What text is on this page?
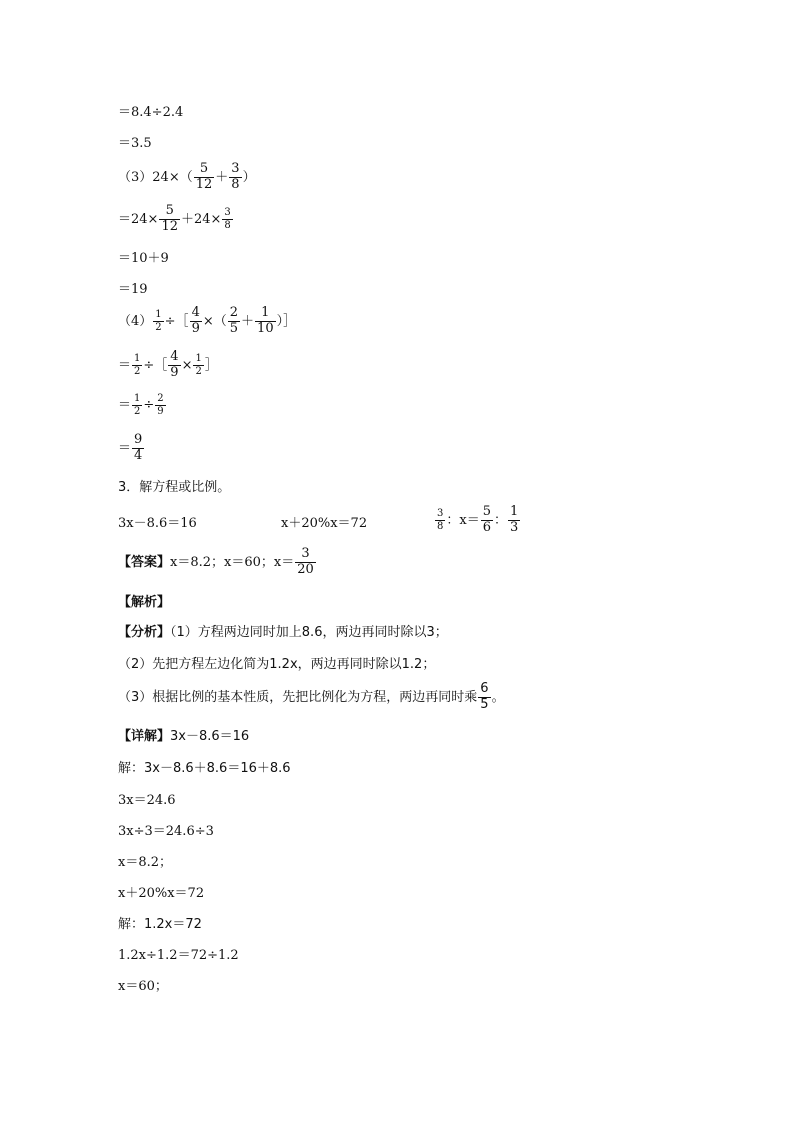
＝8.4÷2.4
＝3.5
$(3)24\times( \frac{5}{12} + \frac{3}{8}$ ）
$=24\times \frac{5}{12} +24\times \frac{3}{8}$
＝10＋9
＝19
$(4) \frac{1}{2}$ ÷［ $\frac{4}{9}$ ×（ $\frac{2}{5} + \frac{1}{10}$ ）］
＝ $\frac{1}{2}$ ÷［ $\frac{4}{9} \times \frac{1}{2}$ ］
＝ $\frac{1}{2} \div \frac{2}{9}$
＝ $\frac{9}{4}$
3．解方程或比例。
3x－8.6＝16	x＋20%x＝72	$\frac{3}{8}$ ：$x= \frac{5}{6}$ ： $\frac{1}{3}$
【答案】x＝8.2；x＝60；$x= \frac{3}{20}$
【解析】
【分析】（1）方程两边同时加上8.6，两边再同时除以3；
（2）先把方程左边化简为1.2x，两边再同时除以1.2；
（3）根据比例的基本性质，先把比例化为方程，两边再同时乘 $\frac{6}{5}$ 。
【详解】3x－8.6＝16
解：3x－8.6＋8.6＝16＋8.6
3x＝24.6
3x÷3＝24.6÷3
x＝8.2；
x＋20%x＝72
解：1.2x＝72
1.2x÷1.2＝72÷1.2
x＝60；
